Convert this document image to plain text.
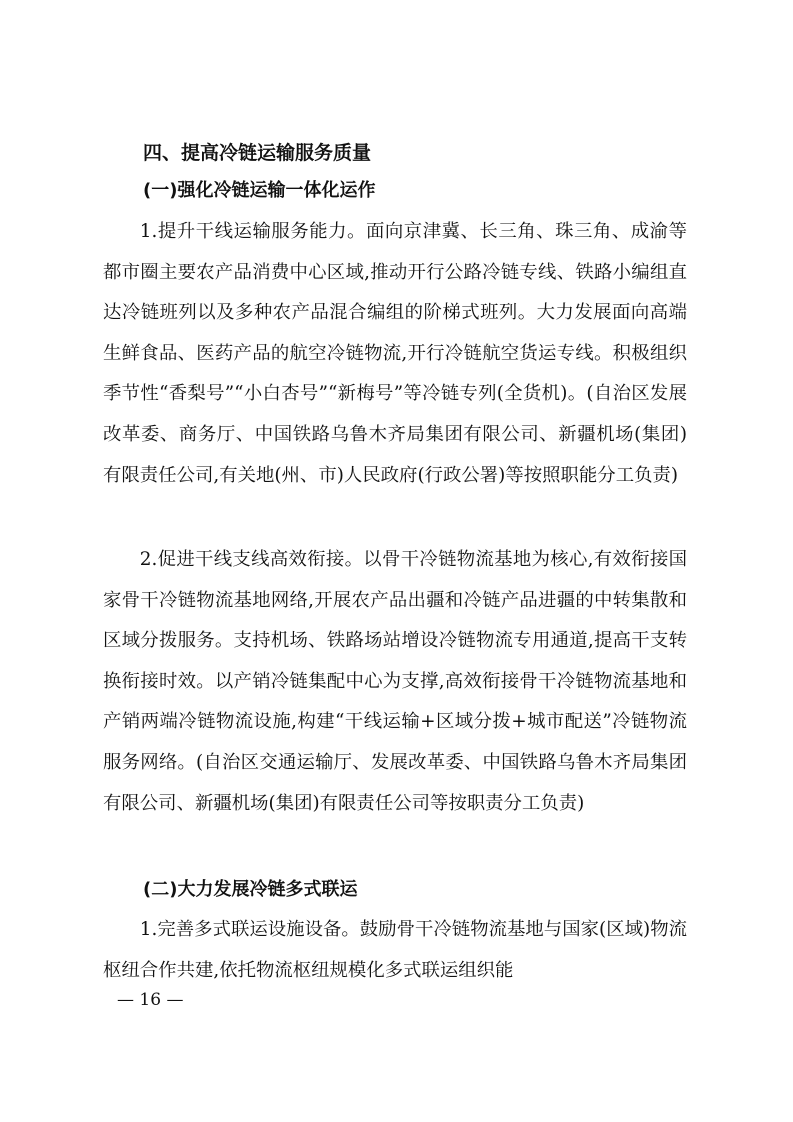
四、提高冷链运输服务质量
(一)强化冷链运输一体化运作
1.提升干线运输服务能力。面向京津冀、长三角、珠三角、成渝等都市圈主要农产品消费中心区域,推动开行公路冷链专线、铁路小编组直达冷链班列以及多种农产品混合编组的阶梯式班列。大力发展面向高端生鲜食品、医药产品的航空冷链物流,开行冷链航空货运专线。积极组织季节性“香梨号”“小白杏号”“新梅号”等冷链专列(全货机)。(自治区发展改革委、商务厅、中国铁路乌鲁木齐局集团有限公司、新疆机场(集团)有限责任公司,有关地(州、市)人民政府(行政公署)等按照职能分工负责)
2.促进干线支线高效衔接。以骨干冷链物流基地为核心,有效衔接国家骨干冷链物流基地网络,开展农产品出疆和冷链产品进疆的中转集散和区域分拨服务。支持机场、铁路场站增设冷链物流专用通道,提高干支转换衔接时效。以产销冷链集配中心为支撑,高效衔接骨干冷链物流基地和产销两端冷链物流设施,构建“干线运输+区域分拨+城市配送”冷链物流服务网络。(自治区交通运输厅、发展改革委、中国铁路乌鲁木齐局集团有限公司、新疆机场(集团)有限责任公司等按职责分工负责)
(二)大力发展冷链多式联运
1.完善多式联运设施设备。鼓励骨干冷链物流基地与国家(区域)物流枢纽合作共建,依托物流枢纽规模化多式联运组织能
— 16 —
